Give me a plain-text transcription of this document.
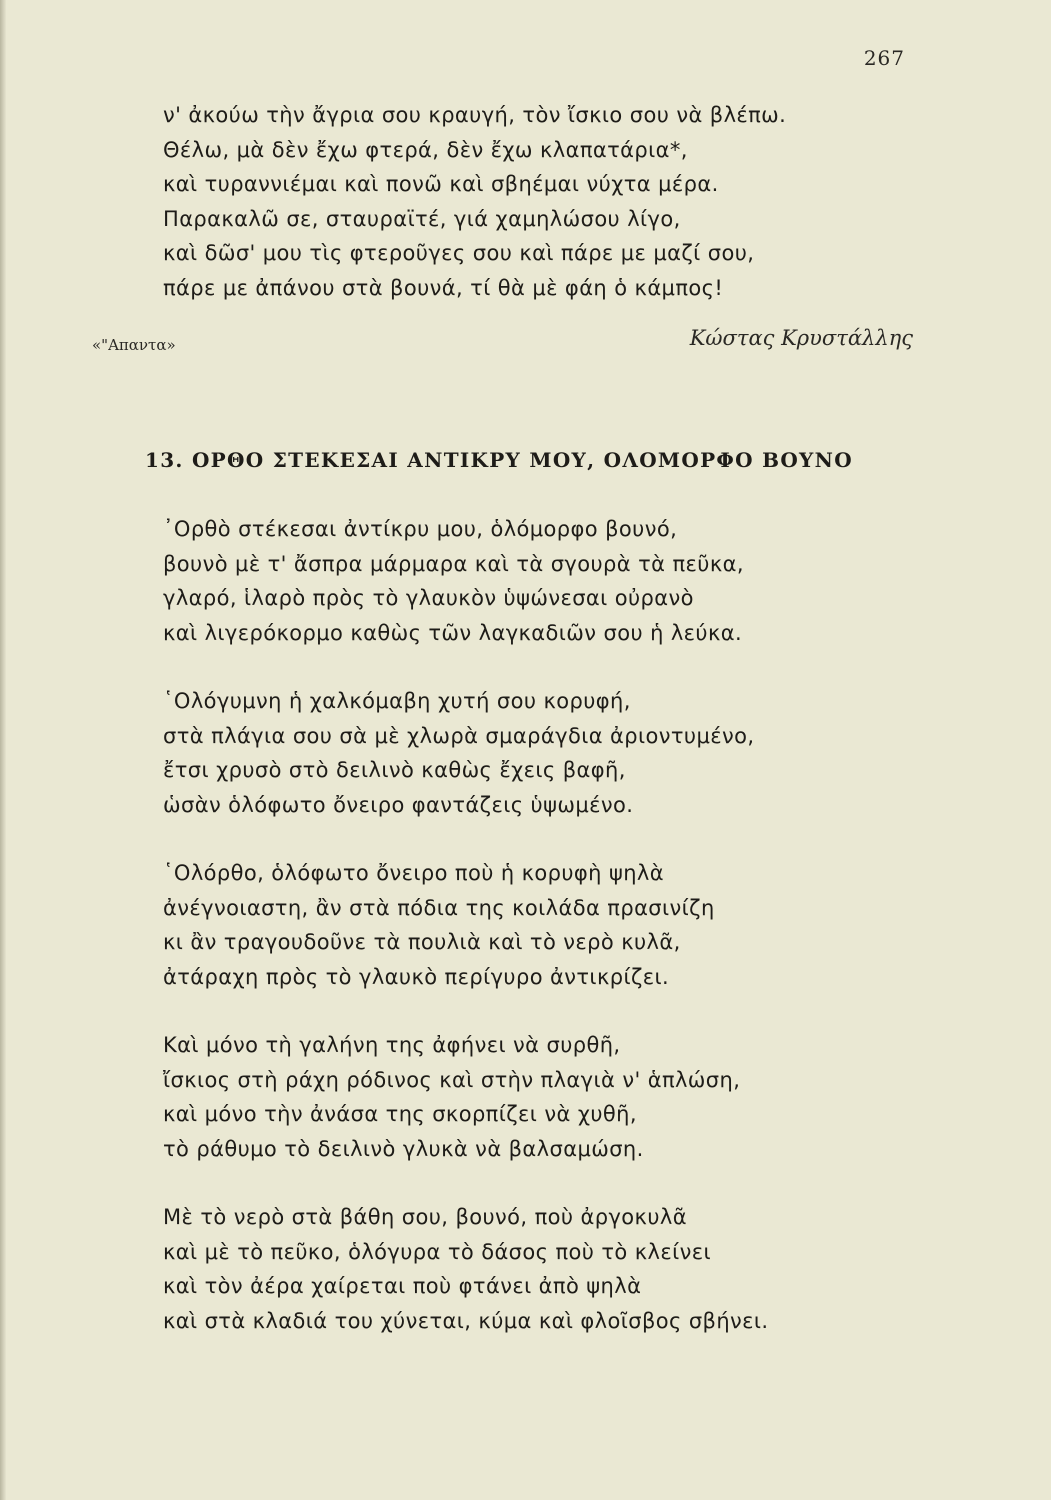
267
ν' ἀκούω τὴν ἄγρια σου κραυγή, τὸν ἴσκιο σου νὰ βλέπω.
Θέλω, μὰ δὲν ἔχω φτερά, δὲν ἔχω κλαπατάρια*,
καὶ τυραννιέμαι καὶ πονῶ καὶ σβηέμαι νύχτα μέρα.
Παρακαλῶ σε, σταυραϊτέ, γιά χαμηλώσου λίγο,
καὶ δῶσ' μου τὶς φτεροῦγες σου καὶ πάρε με μαζί σου,
πάρε με ἀπάνου στὰ βουνά, τί θὰ μὲ φάη ὁ κάμπος!
«"Απαντα»	Κώστας Κρυστάλλης
13. ΟΡΘΟ ΣΤΕΚΕΣΑΙ ΑΝΤΙΚΡΥ ΜΟΥ, ΟΛΟΜΟΡΦΟ ΒΟΥΝΟ
᾿Ορθὸ στέκεσαι ἀντίκρυ μου, ὁλόμορφο βουνό,
βουνὸ μὲ τ' ἄσπρα μάρμαρα καὶ τὰ σγουρὰ τὰ πεῦκα,
γλαρό, ἱλαρὸ πρὸς τὸ γλαυκὸν ὑψώνεσαι οὐρανὸ
καὶ λιγερόκορμο καθὼς τῶν λαγκαδιῶν σου ἡ λεύκα.
῾Ολόγυμνη ἡ χαλκόμαβη χυτή σου κορυφή,
στὰ πλάγια σου σὰ μὲ χλωρὰ σμαράγδια ἀριοντυμένο,
ἔτσι χρυσὸ στὸ δειλινὸ καθὼς ἔχεις βαφῆ,
ὡσὰν ὁλόφωτο ὄνειρο φαντάζεις ὑψωμένο.
῾Ολόρθο, ὁλόφωτο ὄνειρο ποὺ ἡ κορυφὴ ψηλὰ
ἀνέγνοιαστη, ἂν στὰ πόδια της κοιλάδα πρασινίζη
κι ἂν τραγουδοῦνε τὰ πουλιὰ καὶ τὸ νερὸ κυλᾶ,
ἀτάραχη πρὸς τὸ γλαυκὸ περίγυρο ἀντικρίζει.
Καὶ μόνο τὴ γαλήνη της ἀφήνει νὰ συρθῆ,
ἴσκιος στὴ ράχη ρόδινος καὶ στὴν πλαγιὰ ν' ἁπλώση,
καὶ μόνο τὴν ἀνάσα της σκορπίζει νὰ χυθῆ,
τὸ ράθυμο τὸ δειλινὸ γλυκὰ νὰ βαλσαμώση.
Μὲ τὸ νερὸ στὰ βάθη σου, βουνό, ποὺ ἀργοκυλᾶ
καὶ μὲ τὸ πεῦκο, ὁλόγυρα τὸ δάσος ποὺ τὸ κλείνει
καὶ τὸν ἀέρα χαίρεται ποὺ φτάνει ἀπὸ ψηλὰ
καὶ στὰ κλαδιά του χύνεται, κύμα καὶ φλοῖσβος σβήνει.
